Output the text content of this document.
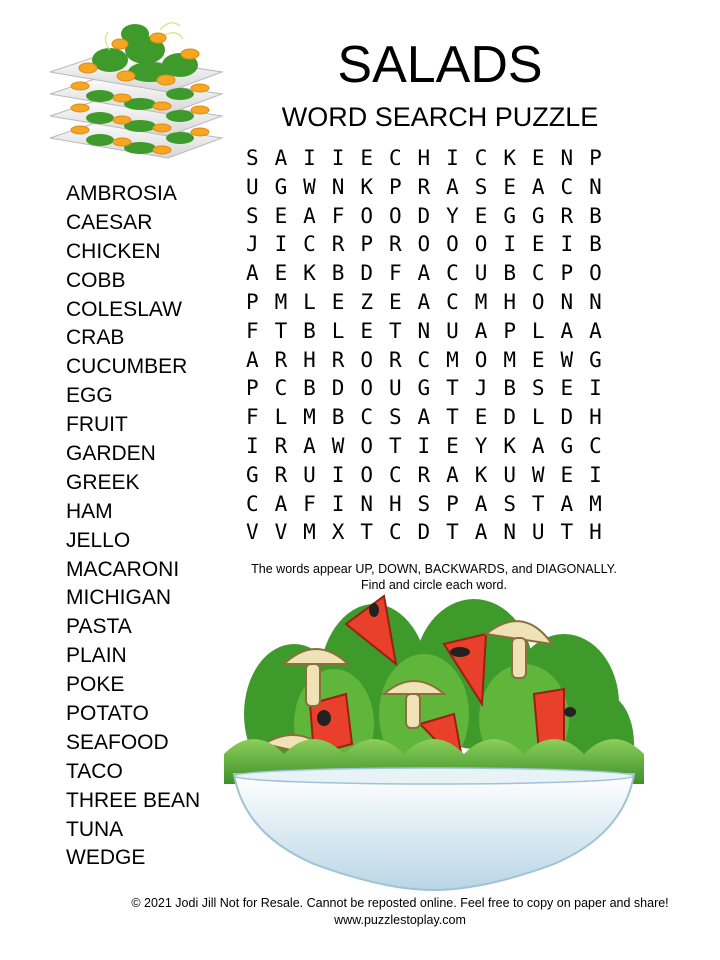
SALADS
WORD SEARCH PUZZLE
AMBROSIA
CAESAR
CHICKEN
COBB
COLESLAW
CRAB
CUCUMBER
EGG
FRUIT
GARDEN
GREEK
HAM
JELLO
MACARONI
MICHIGAN
PASTA
PLAIN
POKE
POTATO
SEAFOOD
TACO
THREE BEAN
TUNA
WEDGE
S A I I E C H I C K E N P
U G W N K P R A S E A C N
S E A F O O D Y E G G R B
J I C R P R O O O I E I B
A E K B D F A C U B C P O
P M L E Z E A C M H O N N
F T B L E T N U A P L A A
A R H R O R C M O M E W G
P C B D O U G T J B S E I
F L M B C S A T E D L D H
I R A W O T I E Y K A G C
G R U I O C R A K U W E I
C A F I N H S P A S T A M
V V M X T C D T A N U T H
The words appear UP, DOWN, BACKWARDS, and DIAGONALLY.
Find and circle each word.
© 2021 Jodi Jill Not for Resale. Cannot be reposted online. Feel free to copy on paper and share!
www.puzzlestoplay.com
